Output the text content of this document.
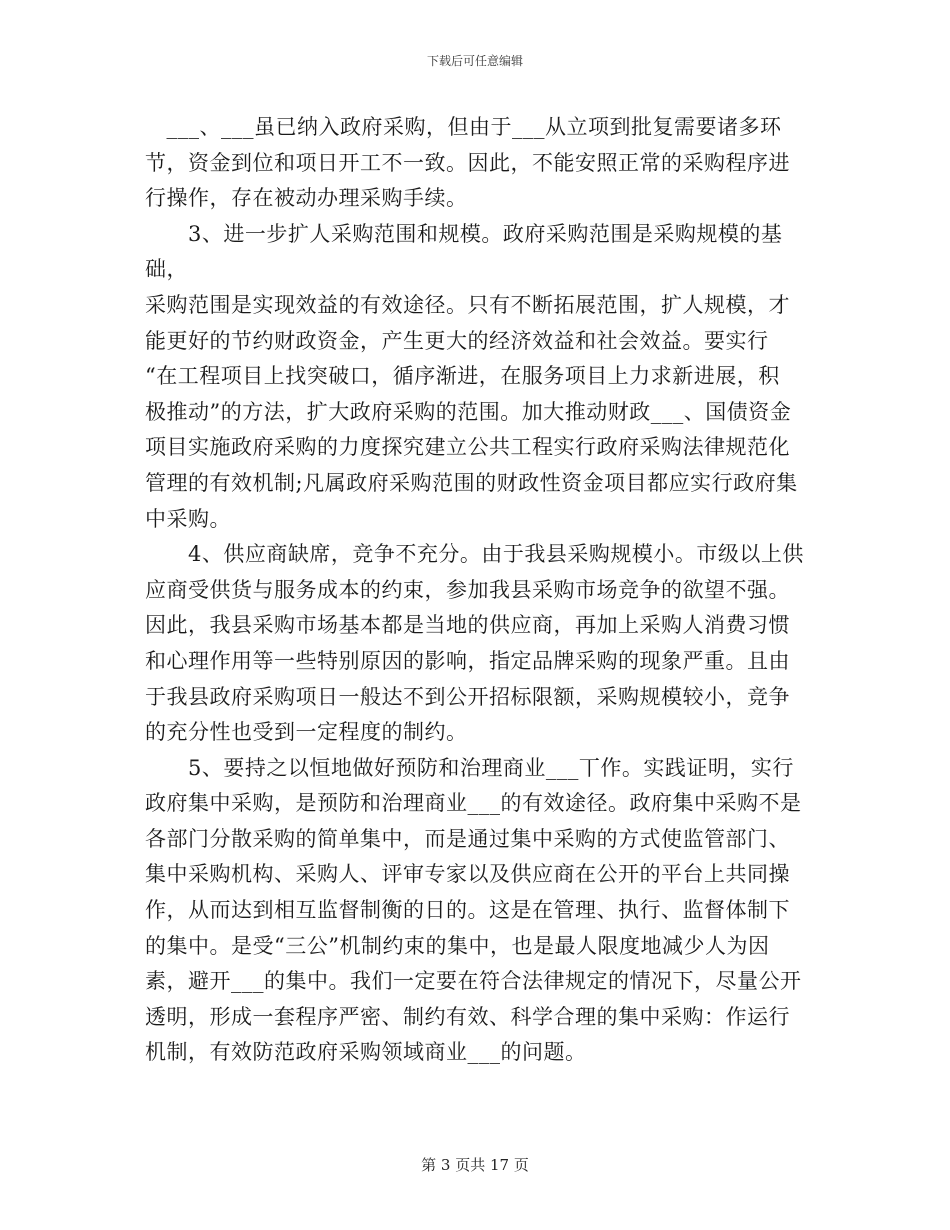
下载后可任意编辑

　___、___虽已纳入政府采购，但由于___从立项到批复需要诸多环

节，资金到位和项日开工不一致。因此，不能安照正常的采购程序进

行操作，存在被动办理采购手续。

　　3、进一步扩人采购范围和规模。政府采购范围是采购规模的基础，

采购范围是实现效益的有效途径。只有不断拓展范围，扩人规模，才

能更好的节约财政资金，产生更大的经济效益和社会效益。要实行

“在工程项目上找突破口，循序渐进，在服务项目上力求新进展，积

极推动”的方法，扩大政府采购的范围。加大推动财政___、国债资金

项目实施政府采购的力度探究建立公共工程实行政府采购法律规范化

管理的有效机制;凡属政府采购范围的财政性资金项目都应实行政府集

中采购。

　　4、供应商缺席，竞争不充分。由于我县采购规模小。市级以上供

应商受供货与服务成本的约束，参加我县采购市场竞争的欲望不强。

因此，我县采购市场基本都是当地的供应商，再加上采购人消费习惯

和心理作用等一些特别原因的影响，指定品牌采购的现象严重。且由

于我县政府采购项日一般达不到公开招标限额，采购规模较小，竞争

的充分性也受到一定程度的制约。

　　5、要持之以恒地做好预防和治理商业___丅作。实践证明，实行

政府集中采购，是预防和治理商业___的有效途径。政府集中采购不是

各部门分散采购的简单集中，而是通过集中采购的方式使监管部门、

集中采购机构、采购人、评审专家以及供应商在公开的平台上共同操

作，从而达到相互监督制衡的日的。这是在管理、执行、监督体制下

的集中。是受“三公”机制约束的集中，也是最人限度地减少人为因

素，避开___的集中。我们一定要在符合法律规定的情况下，尽量公开

透明，形成一套程序严密、制约有效、科学合理的集中采购：作运行

机制，有效防范政府采购领域商业___的问题。

第 3 页共 17 页
